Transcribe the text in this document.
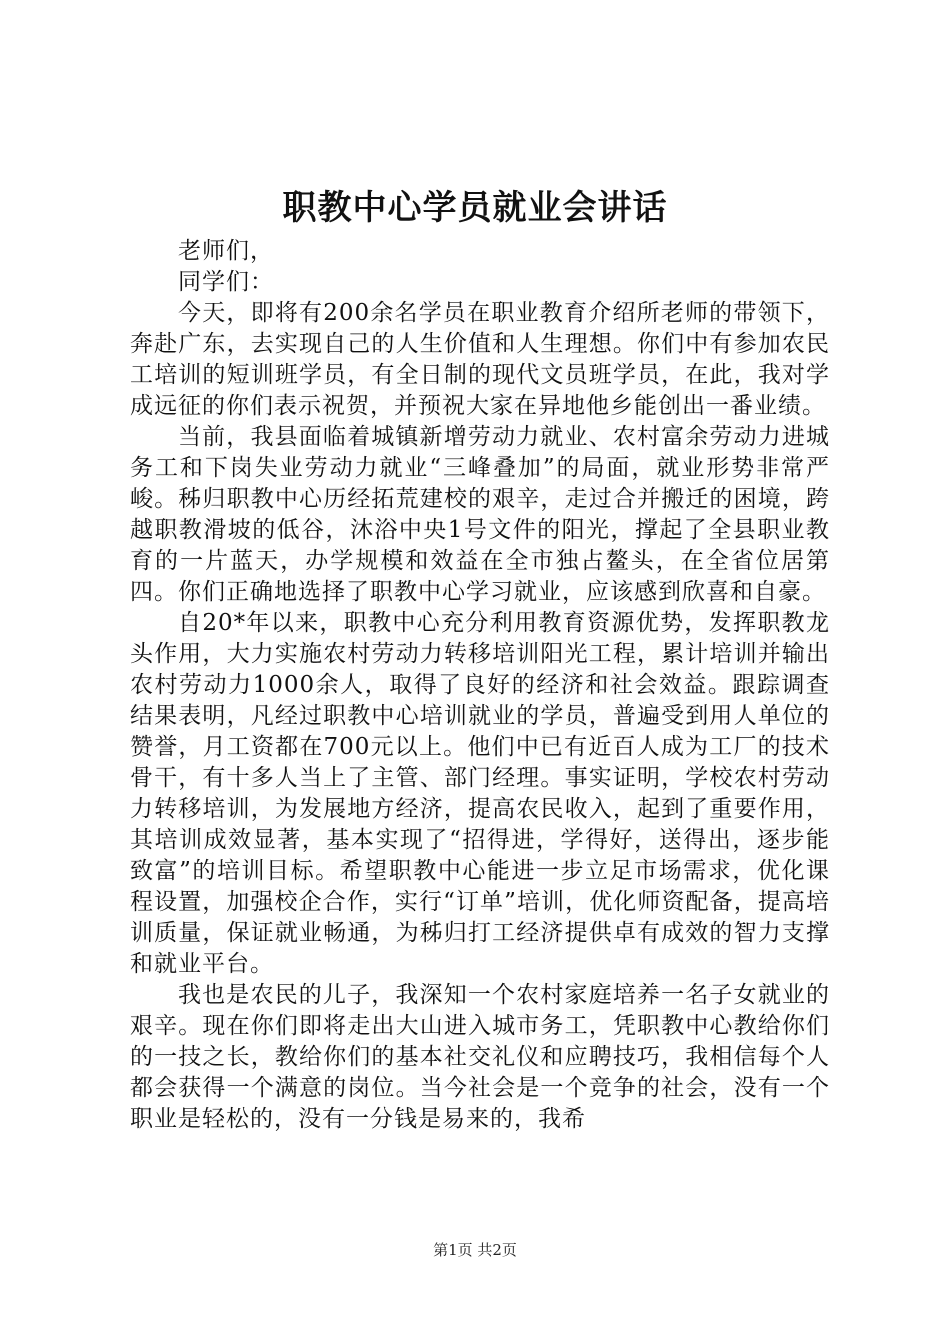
职教中心学员就业会讲话

老师们，

同学们：

今天，即将有200余名学员在职业教育介绍所老师的带领下，奔赴广东，去实现自己的人生价值和人生理想。你们中有参加农民工培训的短训班学员，有全日制的现代文员班学员，在此，我对学成远征的你们表示祝贺，并预祝大家在异地他乡能创出一番业绩。

当前，我县面临着城镇新增劳动力就业、农村富余劳动力进城务工和下岗失业劳动力就业“三峰叠加”的局面，就业形势非常严峻。秭归职教中心历经拓荒建校的艰辛，走过合并搬迁的困境，跨越职教滑坡的低谷，沐浴中央1号文件的阳光，撑起了全县职业教育的一片蓝天，办学规模和效益在全市独占鳌头，在全省位居第四。你们正确地选择了职教中心学习就业，应该感到欣喜和自豪。

自20*年以来，职教中心充分利用教育资源优势，发挥职教龙头作用，大力实施农村劳动力转移培训阳光工程，累计培训并输出农村劳动力1000余人，取得了良好的经济和社会效益。跟踪调查结果表明，凡经过职教中心培训就业的学员，普遍受到用人单位的赞誉，月工资都在700元以上。他们中已有近百人成为工厂的技术骨干，有十多人当上了主管、部门经理。事实证明，学校农村劳动力转移培训，为发展地方经济，提高农民收入，起到了重要作用，其培训成效显著，基本实现了“招得进，学得好，送得出，逐步能致富”的培训目标。希望职教中心能进一步立足市场需求，优化课程设置，加强校企合作，实行“订单”培训，优化师资配备，提高培训质量，保证就业畅通，为秭归打工经济提供卓有成效的智力支撑和就业平台。

我也是农民的儿子，我深知一个农村家庭培养一名子女就业的艰辛。现在你们即将走出大山进入城市务工，凭职教中心教给你们的一技之长，教给你们的基本社交礼仪和应聘技巧，我相信每个人都会获得一个满意的岗位。当今社会是一个竞争的社会，没有一个职业是轻松的，没有一分钱是易来的，我希

第1页 共2页
